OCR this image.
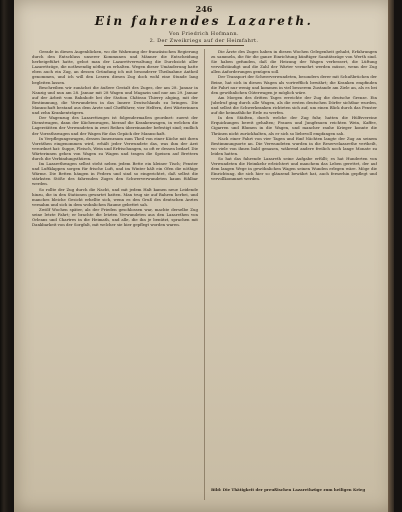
246
Ein fahrendes Lazareth.
Von Friedrich Hofmann.
2. Der Zweikriegs auf der Heimfahrt.

Gerade in diesen Augenblicken, wo die Wahrnung der franzäsischen Regierung durch den Entschluss unserer Kommunen und Männer die Entscheidung herbeigeführt hatte, gebot man der Lazarettverwaltung die Durchsicht aller Lazarettzüge, die nothwendig nöthig zu erhalten. Wegen dieser Umänderung hatte eben auch ein Zug, an dessen Gründung ich mit besonderer Theilnahme Antheil genommen, und ich will den Lesern diesen Zug doch wohl eine Stunde lang begleiten lassen.

Beschreiben wir zunächst die äußere Gestalt des Zuges, der am 28. Januar in Nanzig und nun am 28. Januar mit 28 Wagen und Magazin und nur am 29. Januar auf der Arbeit vom Bahnhofe bei der Station Château Thierry abging, mit der Bestimmung, die Verwundeten in das Innere Deutschlands zu bringen. Die Mannschaft bestand aus dem Arzte und Chefführer, vier Helfern, drei Wärterinnen und zehn Krankenträgern.

Der Wagenzug des Lazarettzuges ist folgendermaßen geordnet: zuerst der Dienstwagen, dann der Küchenwagen, hierauf die Krankenwagen, in welchen die Lagerstätten der Verwundeten in zwei Reihen übereinander befestigt sind; endlich der Vorrathswagen und der Wagen für das Gepäck der Mannschaft.

In Verpflegungswagen, dessen Innenraum zum Theil von einer Küche mit ihren Vorräthen eingenommen wird, erhält jeder Verwundete das, was ihm der Arzt verordnet hat: Suppe, Fleisch, Wein und Erfrischungen, so oft er dessen bedarf. Die Wärterinnen gehen von Wagen zu Wagen und tragen die Speisen auf Brettern durch die Verbindungsthüren.

Im Lazarethwagen selbst steht neben jedem Bette ein kleiner Tisch; Fenster und Luftklappen sorgen für frische Luft, und im Winter hält ein Ofen die nöthige Wärme. Die Betten hängen in Federn und sind so eingerichtet, daß selbst die stärksten Stöße des fahrenden Zuges den Schwerverwundeten kaum fühlbar werden.

So rollte der Zug durch die Nacht, und mit jedem Halt kamen neue Leidende hinzu, die in den Stationen gewartet hatten. Man trug sie auf Bahren herbei, und manches bleiche Gesicht erhellte sich, wenn es den Gruß des deutschen Arztes vernahm und sich in dem wohnlichen Raume gebettet sah.

Zwölf Wochen später, als der Frieden geschlossen war, machte derselbe Zug seine letzte Fahrt; er brachte die letzten Verwundeten aus den Lazarethen von Orleans und Chartres in die Heimath, und alle, die ihn je benützt, sprachen mit Dankbarkeit von der Sorgfalt, mit welcher sie hier gepflegt worden waren.

Die Ärzte des Zuges haben in diesen Wochen Gelegenheit gehabt, Erfahrungen zu sammeln, die für die ganze Einrichtung künftiger Sanitätszüge von Werth sind. Sie haben gefunden, daß die Heizung der Wagen verbessert, die Lüftung vervollständigt und die Zahl der Wärter vermehrt werden müsse, wenn der Zug allen Anforderungen genügen soll.

Der Transport der Schwerverwundeten, besonders derer mit Schußbrüchen der Beine, hat sich in diesen Wagen als vortrefflich bewährt; die Kranken empfinden die Fahrt nur wenig und kommen in viel besserem Zustande am Ziele an, als es bei den gewöhnlichen Güterwagen je möglich wäre.

Am Morgen des dritten Tages erreichte der Zug die deutsche Grenze. Ein Jubelruf ging durch alle Wagen, als die ersten deutschen Dörfer sichtbar wurden, und selbst die Schwerkranken richteten sich auf, um einen Blick durch das Fenster auf die heimathliche Erde zu werfen.

In den Städten, durch welche der Zug fuhr, hatten die Hülfsvereine Erquickungen bereit gehalten; Frauen und Jungfrauen reichten Wein, Kaffee, Cigarren und Blumen in die Wagen, und mancher rauhe Krieger konnte die Thränen nicht zurückhalten, als er sich so liebevoll empfangen sah.

Nach einer Fahrt von vier Tagen und fünf Nächten langte der Zug an seinem Bestimmungsorte an. Die Verwundeten wurden in die Reservelazarethe vertheilt, wo viele von ihnen bald genasen, während andere freilich noch lange Monate zu leiden hatten.

So hat das fahrende Lazareth seine Aufgabe erfüllt; es hat Hunderten von Verwundeten die Heimkehr erleichtert und manchem das Leben gerettet, der auf dem langen Wege in gewöhnlichen Wagen seinen Wunden erlegen wäre. Möge die Einrichtung, die sich hier so glänzend bewährt hat, auch fernerhin gepflegt und vervollkommnet werden.

Bild: Die Thätigkeit der preußischen Lazarethzüge zum heiligen Krieg
